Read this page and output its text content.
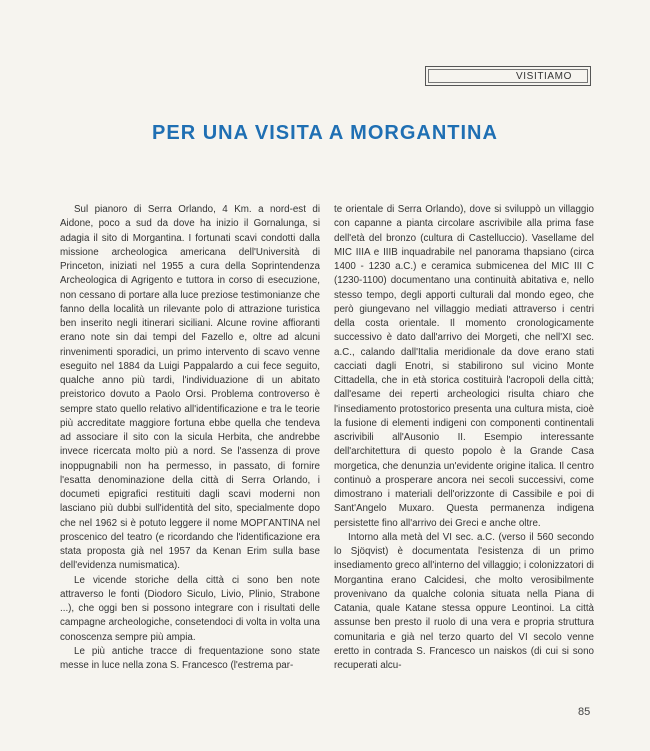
VISITIAMO
PER UNA VISITA A MORGANTINA

Sul pianoro di Serra Orlando, 4 Km. a nord-est di Aidone, poco a sud da dove ha inizio il Gornalunga, si adagia il sito di Morgantina. I fortunati scavi condotti dalla missione archeologica americana dell'Università di Princeton, iniziati nel 1955 a cura della Soprintendenza Archeologica di Agrigento e tuttora in corso di esecuzione, non cessano di portare alla luce preziose testimonianze che fanno della località un rilevante polo di attrazione turistica ben inserito negli itinerari siciliani. Alcune rovine affioranti erano note sin dai tempi del Fazello e, oltre ad alcuni rinvenimenti sporadici, un primo intervento di scavo venne eseguito nel 1884 da Luigi Pappalardo a cui fece seguito, qualche anno più tardi, l'individuazione di un abitato preistorico dovuto a Paolo Orsi. Problema controverso è sempre stato quello relativo all'identificazione e tra le teorie più accreditate maggiore fortuna ebbe quella che tendeva ad associare il sito con la sicula Herbita, che andrebbe invece ricercata molto più a nord. Se l'assenza di prove inoppugnabili non ha permesso, in passato, di fornire l'esatta denominazione della città di Serra Orlando, i documeti epigrafici restituiti dagli scavi moderni non lasciano più dubbi sull'identità del sito, specialmente dopo che nel 1962 si è potuto leggere il nome MOPΓANTINA nel proscenico del teatro (e ricordando che l'identificazione era stata proposta già nel 1957 da Kenan Erim sulla base dell'evidenza numismatica).

Le vicende storiche della città ci sono ben note attraverso le fonti (Diodoro Siculo, Livio, Plinio, Strabone ...), che oggi ben si possono integrare con i risultati delle campagne archeologiche, consetendoci di volta in volta una conoscenza sempre più ampia.

Le più antiche tracce di frequentazione sono state messe in luce nella zona S. Francesco (l'estrema par-

te orientale di Serra Orlando), dove si sviluppò un villaggio con capanne a pianta circolare ascrivibile alla prima fase dell'età del bronzo (cultura di Castelluccio). Vasellame del MIC IIIA e IIIB inquadrabile nel panorama thapsiano (circa 1400 - 1230 a.C.) e ceramica submicenea del MIC III C (1230-1100) documentano una continuità abitativa e, nello stesso tempo, degli apporti culturali dal mondo egeo, che però giungevano nel villaggio mediati attraverso i centri della costa orientale. Il momento cronologicamente successivo è dato dall'arrivo dei Morgeti, che nell'XI sec. a.C., calando dall'Italia meridionale da dove erano stati cacciati dagli Enotri, si stabilirono sul vicino Monte Cittadella, che in età storica costituirà l'acropoli della città; dall'esame dei reperti archeologici risulta chiaro che l'insediamento protostorico presenta una cultura mista, cioè la fusione di elementi indigeni con componenti continentali ascrivibili all'Ausonio II. Esempio interessante dell'architettura di questo popolo è la Grande Casa morgetica, che denunzia un'evidente origine italica. Il centro continuò a prosperare ancora nei secoli successivi, come dimostrano i materiali dell'orizzonte di Cassibile e poi di Sant'Angelo Muxaro. Questa permanenza indigena persistette fino all'arrivo dei Greci e anche oltre.

Intorno alla metà del VI sec. a.C. (verso il 560 secondo lo Sjöqvist) è documentata l'esistenza di un primo insediamento greco all'interno del villaggio; i colonizzatori di Morgantina erano Calcidesi, che molto verosibilmente provenivano da qualche colonia situata nella Piana di Catania, quale Katane stessa oppure Leontinoi. La città assunse ben presto il ruolo di una vera e propria struttura comunitaria e già nel terzo quarto del VI secolo venne eretto in contrada S. Francesco un naiskos (di cui si sono recuperati alcu-

85
